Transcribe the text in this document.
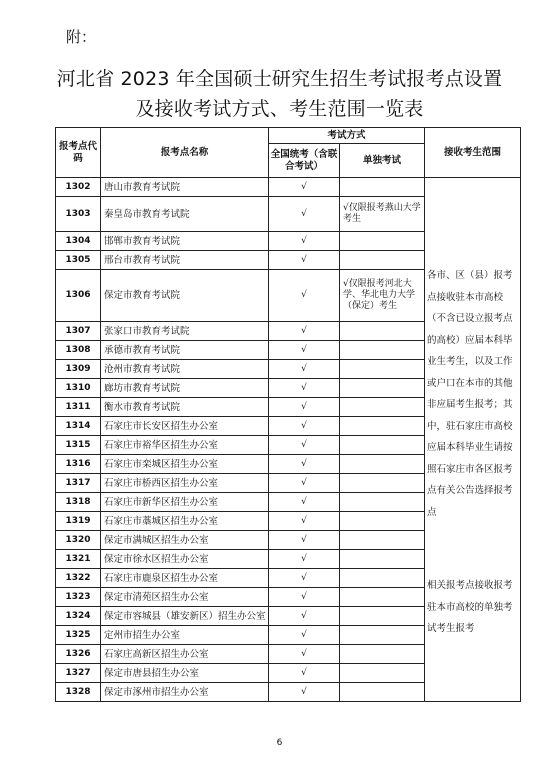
附：
河北省 2023 年全国硕士研究生招生考试报考点设置
及接收考试方式、考生范围一览表
报考点代码	报考点名称	考试方式		接收考生范围
		全国统考（含联合考试）	单独考试	
1302	唐山市教育考试院	√		各市、区（县）报考点接收驻本市高校（不含已设立报考点的高校）应届本科毕业生考生，以及工作或户口在本市的其他非应届考生报考；其中，驻石家庄市高校应届本科毕业生请按照石家庄市各区报考点有关公告选择报考点
相关报考点接收报考驻本市高校的单独考试考生报考

1303	秦皇岛市教育考试院	√	√仅限报考燕山大学考生	
1304	邯郸市教育考试院	√		
1305	邢台市教育考试院	√		
1306	保定市教育考试院	√	√仅限报考河北大学、华北电力大学（保定）考生	
1307	张家口市教育考试院	√		
1308	承德市教育考试院	√		
1309	沧州市教育考试院	√		
1310	廊坊市教育考试院	√		
1311	衡水市教育考试院	√		
1314	石家庄市长安区招生办公室	√		
1315	石家庄市裕华区招生办公室	√		
1316	石家庄市栾城区招生办公室	√		
1317	石家庄市桥西区招生办公室	√		
1318	石家庄市新华区招生办公室	√		
1319	石家庄市藁城区招生办公室	√		
1320	保定市满城区招生办公室	√		
1321	保定市徐水区招生办公室	√		
1322	石家庄市鹿泉区招生办公室	√		
1323	保定市清苑区招生办公室	√		
1324	保定市容城县（雄安新区）招生办公室	√		
1325	定州市招生办公室	√		
1326	石家庄高新区招生办公室	√		
1327	保定市唐县招生办公室	√		
1328	保定市涿州市招生办公室	√		
6
